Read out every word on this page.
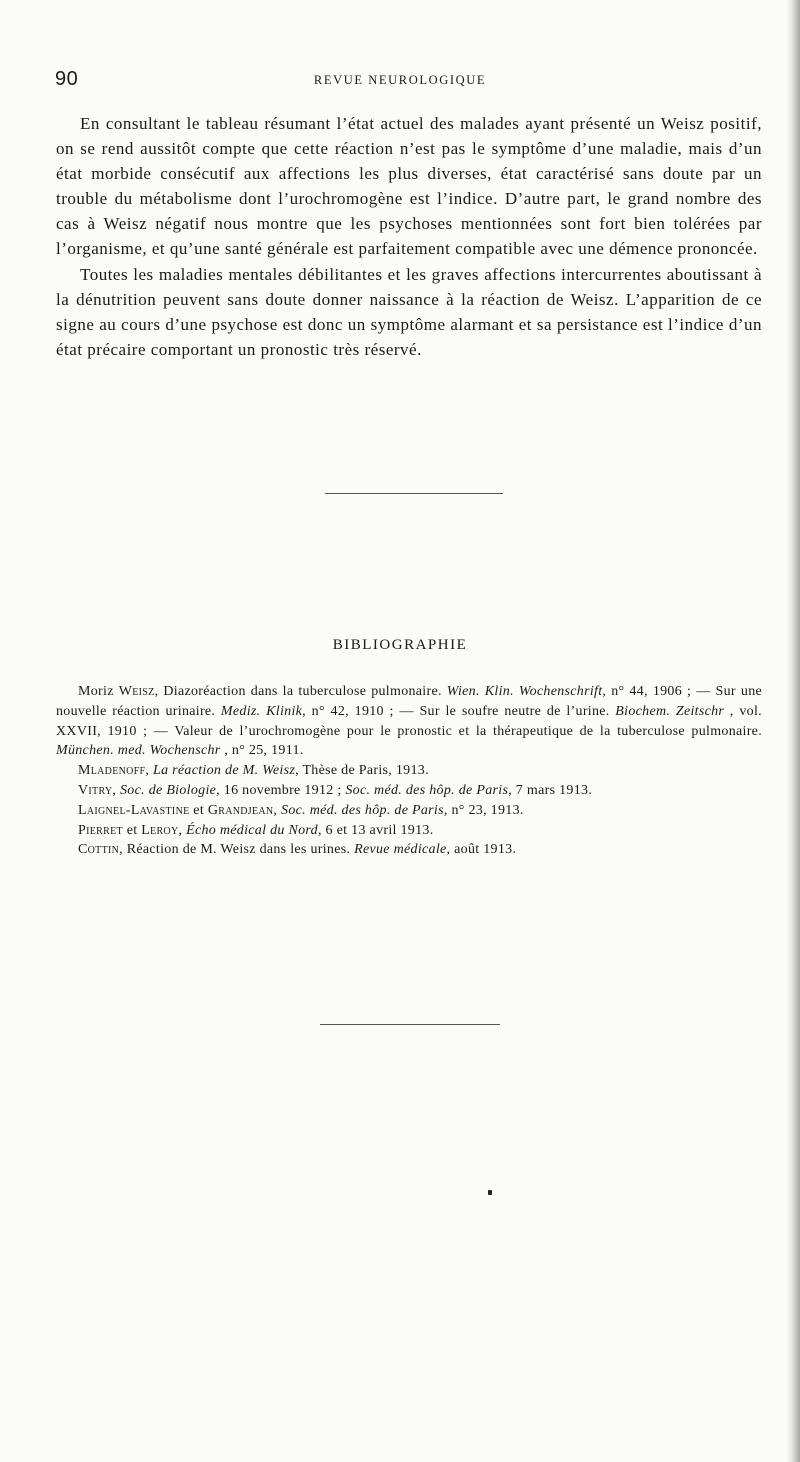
90	REVUE NEUROLOGIQUE

En consultant le tableau résumant l’état actuel des malades ayant présenté un Weisz positif, on se rend aussitôt compte que cette réaction n’est pas le symptôme d’une maladie, mais d’un état morbide consécutif aux affections les plus diverses, état caractérisé sans doute par un trouble du métabolisme dont l’urochromogène est l’indice. D’autre part, le grand nombre des cas à Weisz négatif nous montre que les psychoses mentionnées sont fort bien tolérées par l’organisme, et qu’une santé générale est parfaitement compatible avec une démence prononcée.

Toutes les maladies mentales débilitantes et les graves affections intercurrentes aboutissant à la dénutrition peuvent sans doute donner naissance à la réaction de Weisz. L’apparition de ce signe au cours d’une psychose est donc un symptôme alarmant et sa persistance est l’indice d’un état précaire comportant un pronostic très réservé.

BIBLIOGRAPHIE

Moriz Weisz, Diazoréaction dans la tuberculose pulmonaire. Wien. Klin. Wochenschrift, n° 44, 1906 ; — Sur une nouvelle réaction urinaire. Mediz. Klinik, n° 42, 1910 ; — Sur le soufre neutre de l’urine. Biochem. Zeitschr , vol. XXVII, 1910 ; — Valeur de l’urochromogène pour le pronostic et la thérapeutique de la tuberculose pulmonaire. München. med. Wochenschr , n° 25, 1911.

Mladenoff, La réaction de M. Weisz, Thèse de Paris, 1913.

Vitry, Soc. de Biologie, 16 novembre 1912 ; Soc. méd. des hôp. de Paris, 7 mars 1913.

Laignel-Lavastine et Grandjean, Soc. méd. des hôp. de Paris, n° 23, 1913.

Pierret et Leroy, Écho médical du Nord, 6 et 13 avril 1913.

Cottin, Réaction de M. Weisz dans les urines. Revue médicale, août 1913.
